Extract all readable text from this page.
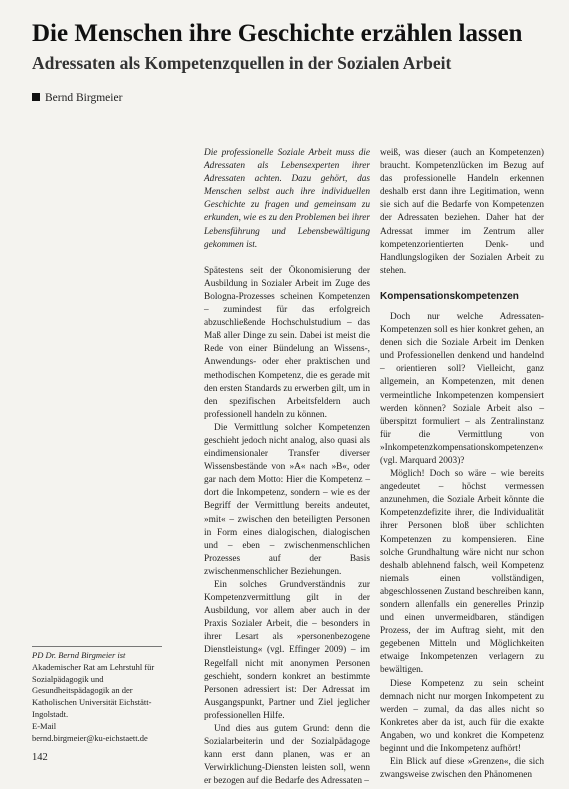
Die Menschen ihre Geschichte erzählen lassen
Adressaten als Kompetenzquellen in der Sozialen Arbeit
Bernd Birgmeier

Die professionelle Soziale Arbeit muss die Adressaten als Lebensexperten ihrer Adressaten achten. Dazu gehört, das Menschen selbst auch ihre individuellen Geschichte zu fragen und gemeinsam zu erkunden, wie es zu den Problemen bei ihrer Lebensführung und Lebensbewältigung gekommen ist.

Spätestens seit der Ökonomisierung der Ausbildung in Sozialer Arbeit im Zuge des Bologna-Prozesses scheinen Kompetenzen – zumindest für das erfolgreich abzuschließende Hochschulstudium – das Maß aller Dinge zu sein. Dabei ist meist die Rede von einer Bündelung an Wissens-, Anwendungs- oder eher praktischen und methodischen Kompetenz, die es gerade mit den ersten Standards zu erwerben gilt, um in den spezifischen Arbeitsfeldern auch professionell handeln zu können.

Die Vermittlung solcher Kompetenzen geschieht jedoch nicht analog, also quasi als eindimensionaler Transfer diverser Wissensbestände von »A« nach »B«, oder gar nach dem Motto: Hier die Kompetenz – dort die Inkompetenz, sondern – wie es der Begriff der Vermittlung bereits andeutet, »mit« – zwischen den beteiligten Personen in Form eines dialogischen, dialogischen und – eben – zwischenmenschlichen Prozesses auf der Basis zwischenmenschlicher Beziehungen.

Ein solches Grundverständnis zur Kompetenzvermittlung gilt in der Ausbildung, vor allem aber auch in der Praxis Sozialer Arbeit, die – besonders in ihrer Lesart als »personenbezogene Dienstleistung« (vgl. Effinger 2009) – im Regelfall nicht mit anonymen Personen geschieht, sondern konkret an bestimmte Personen adressiert ist: Der Adressat im Ausgangspunkt, Partner und Ziel jeglicher professionellen Hilfe.

Und dies aus gutem Grund: denn die Sozialarbeiterin und der Sozialpädagoge kann erst dann planen, was er an Verwirklichung-Diensten leisten soll, wenn er bezogen auf die Bedarfe des Adressaten –

weiß, was dieser (auch an Kompetenzen) braucht. Kompetenzlücken im Bezug auf das professionelle Handeln erkennen deshalb erst dann ihre Legitimation, wenn sie sich auf die Bedarfe von Kompetenzen der Adressaten beziehen. Daher hat der Adressat immer im Zentrum aller kompetenzorientierten Denk- und Handlungslogiken der Sozialen Arbeit zu stehen.

Kompensationskompetenzen

Doch nur welche Adressaten-Kompetenzen soll es hier konkret gehen, an denen sich die Soziale Arbeit im Denken und Professionellen denkend und handelnd – orientieren soll? Vielleicht, ganz allgemein, an Kompetenzen, mit denen vermeintliche Inkompetenzen kompensiert werden können? Soziale Arbeit also – überspitzt formuliert – als Zentralinstanz für die Vermittlung von »Inkompetenzkompensationskompetenzen« (vgl. Marquard 2003)?

Möglich! Doch so wäre – wie bereits angedeutet – höchst vermessen anzunehmen, die Soziale Arbeit könnte die Kompetenzdefizite ihrer, die Individualität ihrer Personen bloß über schlichten Kompetenzen zu kompensieren. Eine solche Grundhaltung wäre nicht nur schon deshalb ablehnend falsch, weil Kompetenz niemals einen vollständigen, abgeschlossenen Zustand beschreiben kann, sondern allenfalls ein generelles Prinzip und einen unvermeidbaren, ständigen Prozess, der im Auftrag sieht, mit den gegebenen Mitteln und Möglichkeiten etwaige Inkompetenzen verlagern zu bewältigen.

Diese Kompetenz zu sein scheint demnach nicht nur morgen Inkompetent zu werden – zumal, da das alles nicht so Konkretes aber da ist, auch für die exakte Angaben, wo und konkret die Kompetenz beginnt und die Inkompetenz aufhört!

Ein Blick auf diese »Grenzen«, die sich zwangsweise zwischen den Phänomenen

PD Dr. Bernd Birgmeier ist

Akademischer Rat am Lehrstuhl für

Sozialpädagogik und

Gesundheitspädagogik an der

Katholischen Universität Eichstätt-

Ingolstadt.

E-Mail

bernd.birgmeier@ku-eichstaett.de

142
